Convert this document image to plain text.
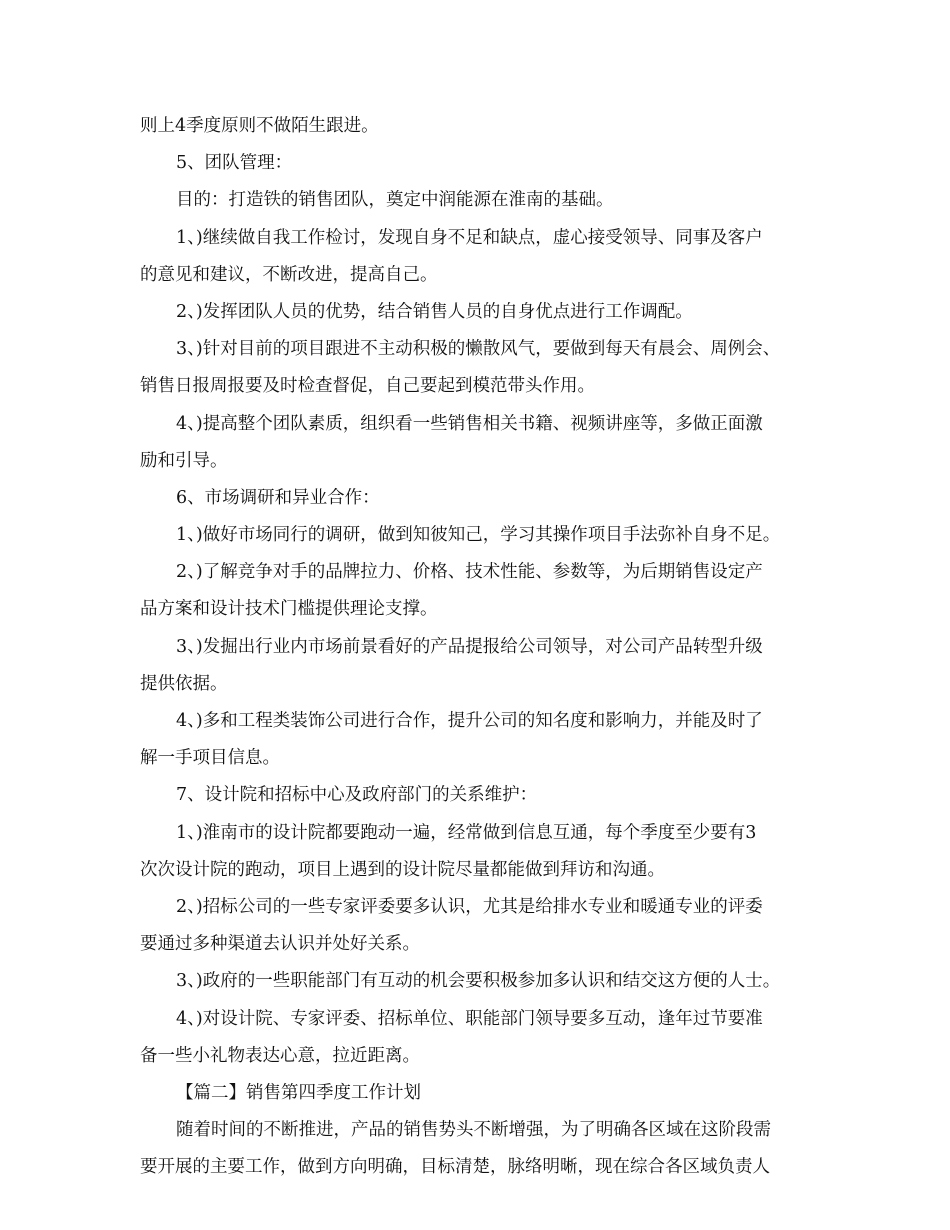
则上4季度原则不做陌生跟进。
5、团队管理：
目的：打造铁的销售团队，奠定中润能源在淮南的基础。
1、)继续做自我工作检讨，发现自身不足和缺点，虚心接受领导、同事及客户
的意见和建议，不断改进，提高自己。
2、)发挥团队人员的优势，结合销售人员的自身优点进行工作调配。
3、)针对目前的项目跟进不主动积极的懒散风气，要做到每天有晨会、周例会、
销售日报周报要及时检查督促，自己要起到模范带头作用。
4、)提高整个团队素质，组织看一些销售相关书籍、视频讲座等，多做正面激
励和引导。
6、市场调研和异业合作：
1、)做好市场同行的调研，做到知彼知己，学习其操作项目手法弥补自身不足。
2、)了解竞争对手的品牌拉力、价格、技术性能、参数等，为后期销售设定产
品方案和设计技术门槛提供理论支撑。
3、)发掘出行业内市场前景看好的产品提报给公司领导，对公司产品转型升级
提供依据。
4、)多和工程类装饰公司进行合作，提升公司的知名度和影响力，并能及时了
解一手项目信息。
7、设计院和招标中心及政府部门的关系维护：
1、)淮南市的设计院都要跑动一遍，经常做到信息互通，每个季度至少要有3
次次设计院的跑动，项目上遇到的设计院尽量都能做到拜访和沟通。
2、)招标公司的一些专家评委要多认识，尤其是给排水专业和暖通专业的评委
要通过多种渠道去认识并处好关系。
3、)政府的一些职能部门有互动的机会要积极参加多认识和结交这方便的人士。
4、)对设计院、专家评委、招标单位、职能部门领导要多互动，逢年过节要准
备一些小礼物表达心意，拉近距离。
【篇二】销售第四季度工作计划
随着时间的不断推进，产品的销售势头不断增强，为了明确各区域在这阶段需
要开展的主要工作，做到方向明确，目标清楚，脉络明晰，现在综合各区域负责人
